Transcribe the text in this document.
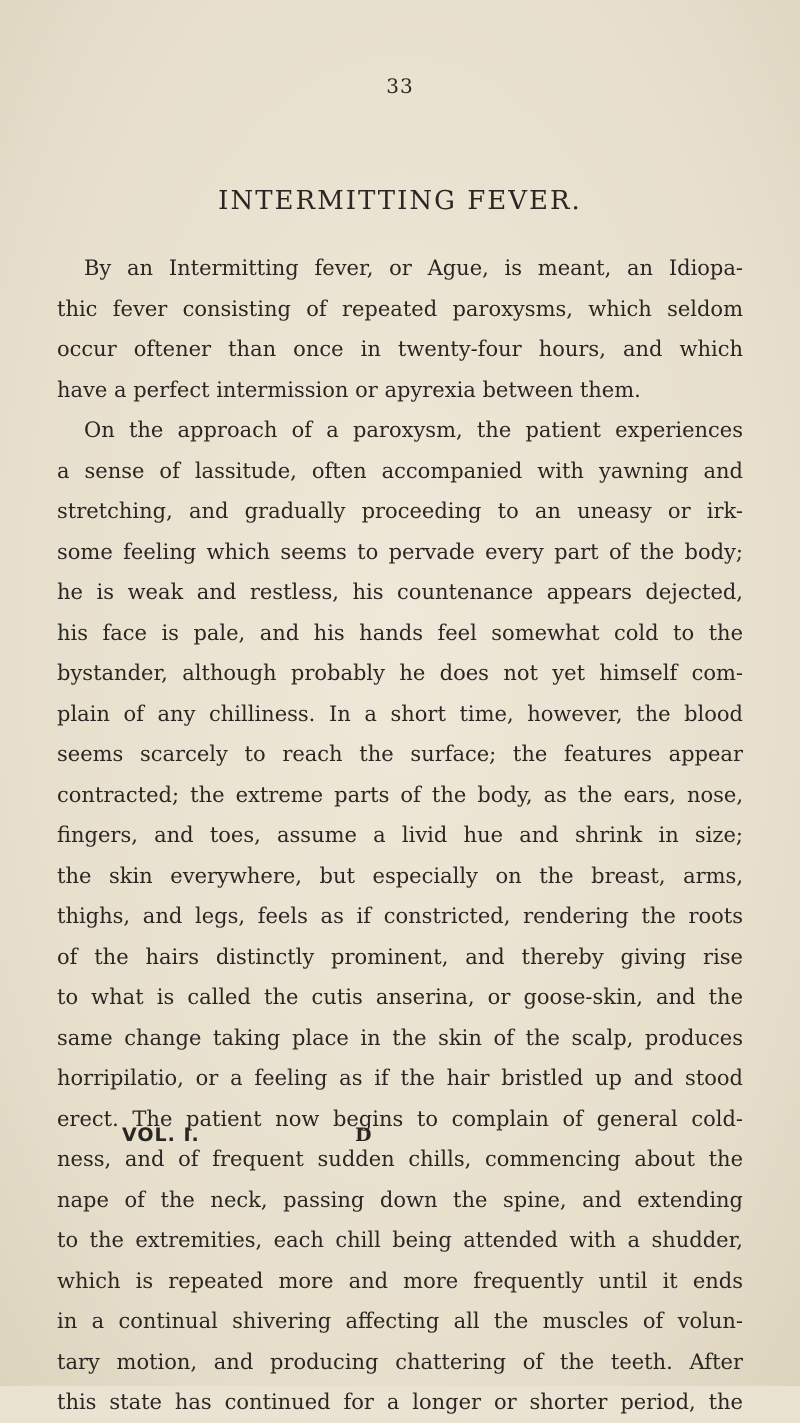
33
INTERMITTING FEVER.
By an Intermitting fever, or Ague, is meant, an Idiopa-
thic fever consisting of repeated paroxysms, which seldom
occur oftener than once in twenty-four hours, and which
have a perfect intermission or apyrexia between them.
On the approach of a paroxysm, the patient experiences
a sense of lassitude, often accompanied with yawning and
stretching, and gradually proceeding to an uneasy or irk-
some feeling which seems to pervade every part of the body;
he is weak and restless, his countenance appears dejected,
his face is pale, and his hands feel somewhat cold to the
bystander, although probably he does not yet himself com-
plain of any chilliness. In a short time, however, the blood
seems scarcely to reach the surface; the features appear
contracted; the extreme parts of the body, as the ears, nose,
fingers, and toes, assume a livid hue and shrink in size;
the skin everywhere, but especially on the breast, arms,
thighs, and legs, feels as if constricted, rendering the roots
of the hairs distinctly prominent, and thereby giving rise
to what is called the cutis anserina, or goose-skin, and the
same change taking place in the skin of the scalp, produces
horripilatio, or a feeling as if the hair bristled up and stood
erect. The patient now begins to complain of general cold-
ness, and of frequent sudden chills, commencing about the
nape of the neck, passing down the spine, and extending
to the extremities, each chill being attended with a shudder,
which is repeated more and more frequently until it ends
in a continual shivering affecting all the muscles of volun-
tary motion, and producing chattering of the teeth. After
this state has continued for a longer or shorter period, the
VOL. I.	D
